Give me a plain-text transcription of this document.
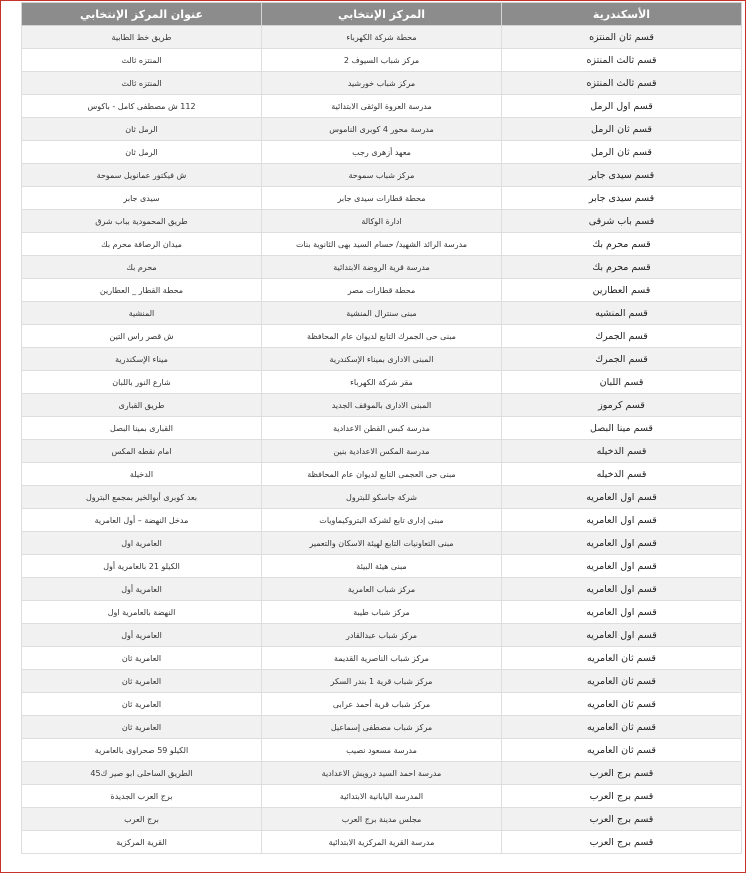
الأسكندرية	المركز الإنتخابي	عنوان المركز الإنتخابي
قسم ثان المنتزه	محطة شركة الكهرباء	طريق خط الطابية
قسم ثالث المنتزه	مركز شباب السيوف 2	المنتزه ثالث
قسم ثالث المنتزه	مركز شباب خورشيد	المنتزه ثالث
قسم اول الرمل	مدرسة العروة الوثقى الابتدائية	112 ش مصطفى كامل - باكوس
قسم ثان الرمل	مدرسة محور 4 كوبرى الناموس	الرمل ثان
قسم ثان الرمل	معهد أزهرى رجب	الرمل ثان
قسم سيدى جابر	مركز شباب سموحة	ش فيكتور عمانويل سموحة
قسم سيدى جابر	محطة قطارات سيدى جابر	سيدى جابر
قسم باب شرقى	ادارة الوكالة	طريق المحمودية بباب شرق
قسم محرم بك	مدرسة الرائد الشهيد/ حسام السيد بهى الثانوية بنات	ميدان الرصافة محرم بك
قسم محرم بك	مدرسة قرية الروضة الابتدائية	محرم بك
قسم العطارين	محطة قطارات مصر	محطة القطار _ العطارين
قسم المنشيه	مبنى سنترال المنشية	المنشية
قسم الجمرك	مبنى حى الجمرك التابع لديوان عام المحافظة	ش قصر راس التين
قسم الجمرك	المبنى الادارى بميناء الإسكندرية	ميناء الإسكندرية
قسم اللبان	مقر شركة الكهرباء	شارع النور باللبان
قسم كرموز	المبنى الادارى بالموقف الجديد	طريق القبارى
قسم مينا البصل	مدرسة كبس القطن الاعدادية	القبارى بمينا البصل
قسم الدخيله	مدرسة المكس الاعدادية بنين	امام نقطه المكس
قسم الدخيله	مبنى حى العجمى التابع لديوان عام المحافظة	الدخيلة
قسم اول العامريه	شركة جاسكو للبترول	بعد كوبرى أبوالخير بمجمع البترول
قسم اول العامريه	مبنى إدارى تابع لشركة البتروكيماويات	مدخل النهضة – أول العامرية
قسم اول العامريه	مبنى التعاونيات التابع لهيئة الاسكان والتعمير	العامرية اول
قسم اول العامريه	مبنى هيئة البيئة	الكيلو 21 بالعامرية أول
قسم اول العامريه	مركز شباب العامرية	العامرية أول
قسم اول العامريه	مركز شباب طيبة	النهضة بالعامرية اول
قسم اول العامريه	مركز شباب عبدالقادر	العامرية أول
قسم ثان العامريه	مركز شباب الناصرية القديمة	العامرية ثان
قسم ثان العامريه	مركز شباب قرية 1 بندر السكر	العامرية ثان
قسم ثان العامريه	مركز شباب قرية أحمد عرابى	العامرية ثان
قسم ثان العامريه	مركز شباب مصطفى إسماعيل	العامرية ثان
قسم ثان العامريه	مدرسة مسعود نصيب	الكيلو 59 صحراوى بالعامرية
قسم برج العرب	مدرسة احمد السيد درويش الاعدادية	الطريق الساحلى ابو صير ك45
قسم برج العرب	المدرسة اليابانية الابتدائية	برج العرب الجديدة
قسم برج العرب	مجلس مدينة برج العرب	برج العرب
قسم برج العرب	مدرسة القرية المركزية الابتدائية	القرية المركزية
